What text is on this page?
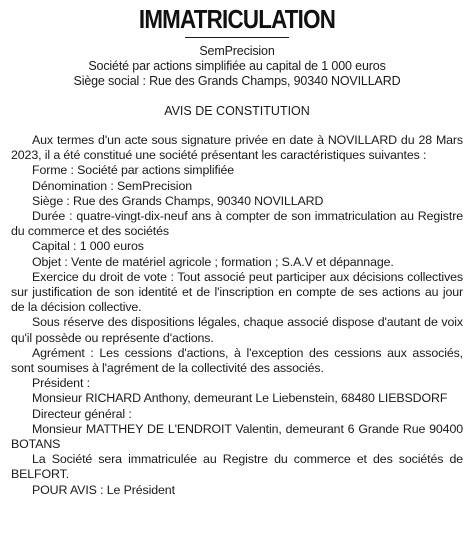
IMMATRICULATION
SemPrecision
Société par actions simplifiée au capital de 1 000 euros
Siège social : Rue des Grands Champs, 90340 NOVILLARD
AVIS DE CONSTITUTION

Aux termes d'un acte sous signature privée en date à NOVILLARD du 28 Mars 2023, il a été constitué une société présentant les caractéristiques suivantes :

Forme : Société par actions simplifiée

Dénomination : SemPrecision

Siège : Rue des Grands Champs, 90340 NOVILLARD

Durée : quatre-vingt-dix-neuf ans à compter de son immatriculation au Registre du commerce et des sociétés

Capital : 1 000 euros

Objet : Vente de matériel agricole ; formation ; S.A.V et dépannage.

Exercice du droit de vote : Tout associé peut participer aux décisions collectives sur justification de son identité et de l'inscription en compte de ses actions au jour de la décision collective.

Sous réserve des dispositions légales, chaque associé dispose d'autant de voix qu'il possède ou représente d'actions.

Agrément : Les cessions d'actions, à l'exception des cessions aux associés, sont soumises à l'agrément de la collectivité des associés.

Président :

Monsieur RICHARD Anthony, demeurant Le Liebenstein, 68480 LIEBSDORF

Directeur général :

Monsieur MATTHEY DE L'ENDROIT Valentin, demeurant 6 Grande Rue 90400 BOTANS

La Société sera immatriculée au Registre du commerce et des sociétés de BELFORT.

POUR AVIS : Le Président
